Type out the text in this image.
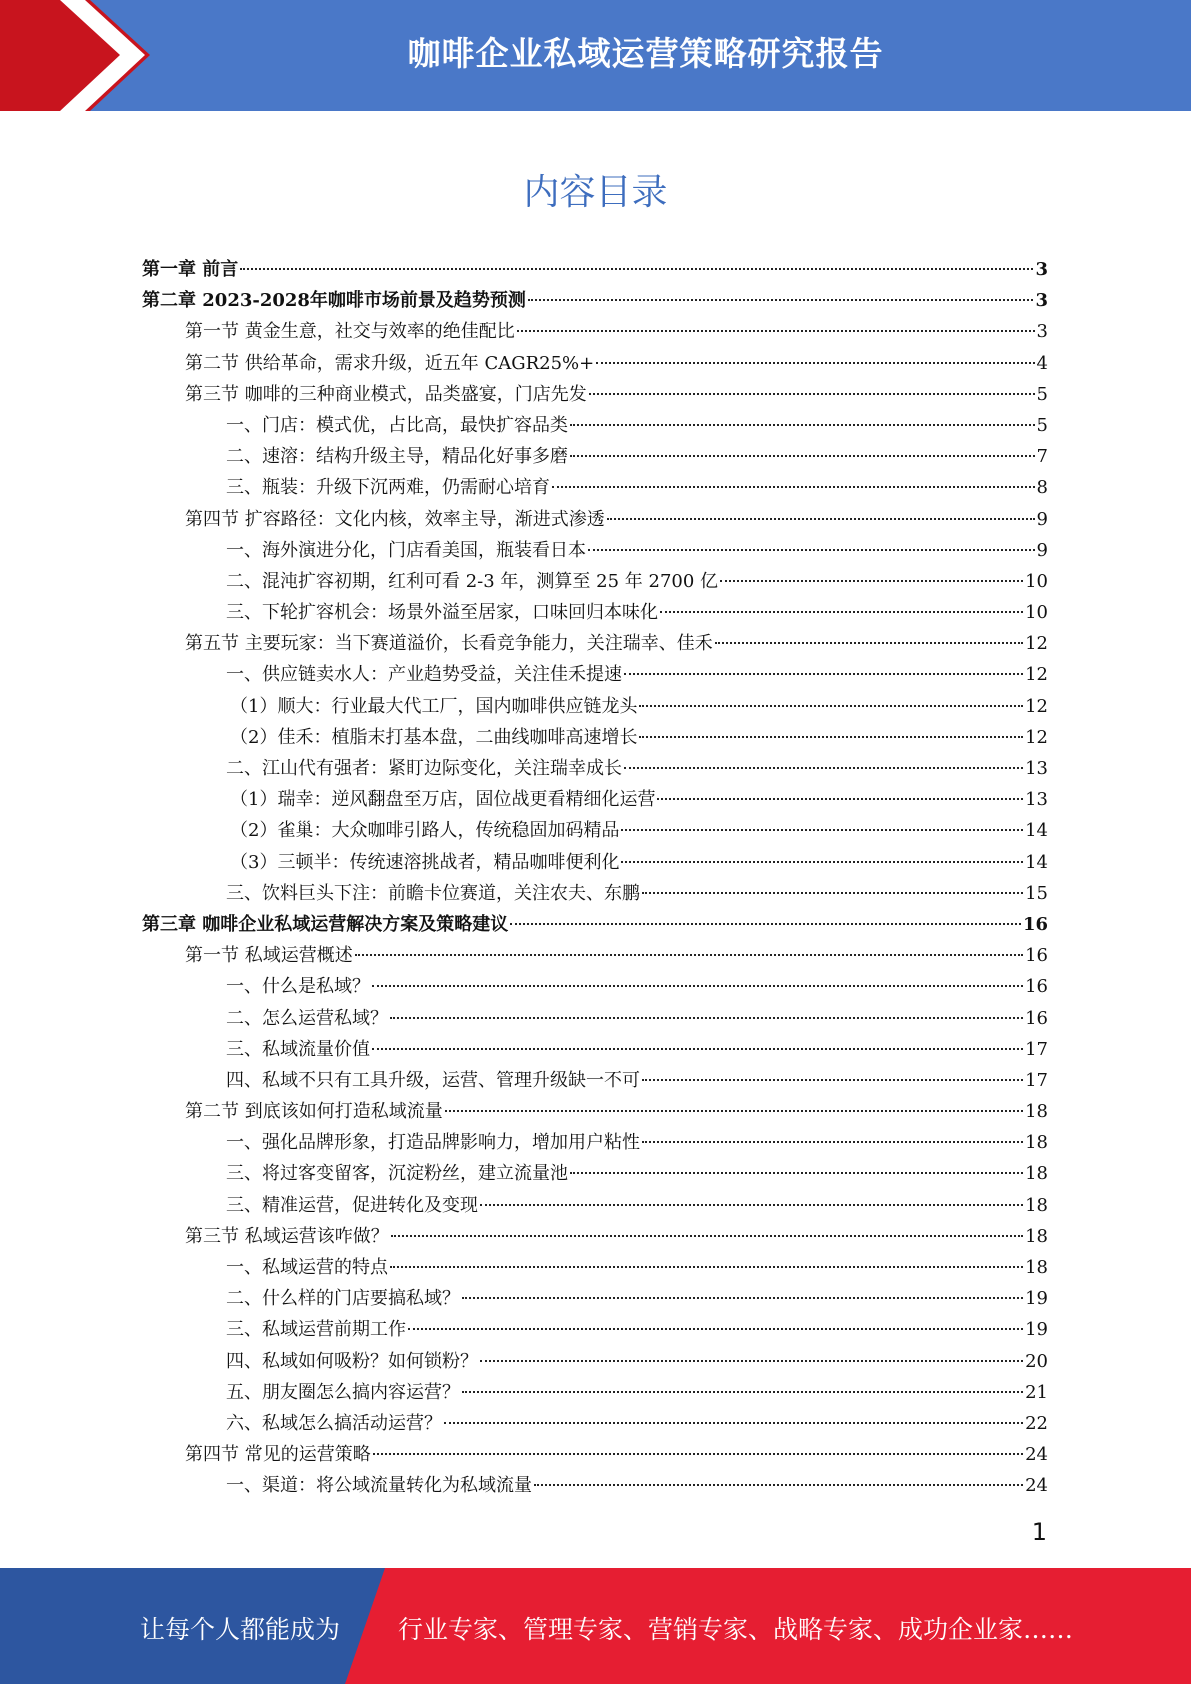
咖啡企业私域运营策略研究报告
内容目录
第一章 前言	3
第二章 2023-2028年咖啡市场前景及趋势预测	3
第一节 黄金生意，社交与效率的绝佳配比	3
第二节 供给革命，需求升级，近五年 CAGR25%+	4
第三节 咖啡的三种商业模式，品类盛宴，门店先发	5
一、门店：模式优，占比高，最快扩容品类	5
二、速溶：结构升级主导，精品化好事多磨	7
三、瓶装：升级下沉两难，仍需耐心培育	8
第四节 扩容路径：文化内核，效率主导，渐进式渗透	9
一、海外演进分化，门店看美国，瓶装看日本	9
二、混沌扩容初期，红利可看 2-3 年，测算至 25 年 2700 亿	10
三、下轮扩容机会：场景外溢至居家，口味回归本味化	10
第五节 主要玩家：当下赛道溢价，长看竞争能力，关注瑞幸、佳禾	12
一、供应链卖水人：产业趋势受益，关注佳禾提速	12
（1）顺大：行业最大代工厂，国内咖啡供应链龙头	12
（2）佳禾：植脂末打基本盘，二曲线咖啡高速增长	12
二、江山代有强者：紧盯边际变化，关注瑞幸成长	13
（1）瑞幸：逆风翻盘至万店，固位战更看精细化运营	13
（2）雀巢：大众咖啡引路人，传统稳固加码精品	14
（3）三顿半：传统速溶挑战者，精品咖啡便利化	14
三、饮料巨头下注：前瞻卡位赛道，关注农夫、东鹏	15
第三章 咖啡企业私域运营解决方案及策略建议	16
第一节 私域运营概述	16
一、什么是私域？	16
二、怎么运营私域？	16
三、私域流量价值	17
四、私域不只有工具升级，运营、管理升级缺一不可	17
第二节 到底该如何打造私域流量	18
一、强化品牌形象，打造品牌影响力，增加用户粘性	18
三、将过客变留客，沉淀粉丝，建立流量池	18
三、精准运营，促进转化及变现	18
第三节 私域运营该咋做？	18
一、私域运营的特点	18
二、什么样的门店要搞私域？	19
三、私域运营前期工作	19
四、私域如何吸粉？如何锁粉？	20
五、朋友圈怎么搞内容运营？	21
六、私域怎么搞活动运营？	22
第四节 常见的运营策略	24
一、渠道：将公域流量转化为私域流量	24
1
让每个人都能成为 行业专家、管理专家、营销专家、战略专家、成功企业家……
